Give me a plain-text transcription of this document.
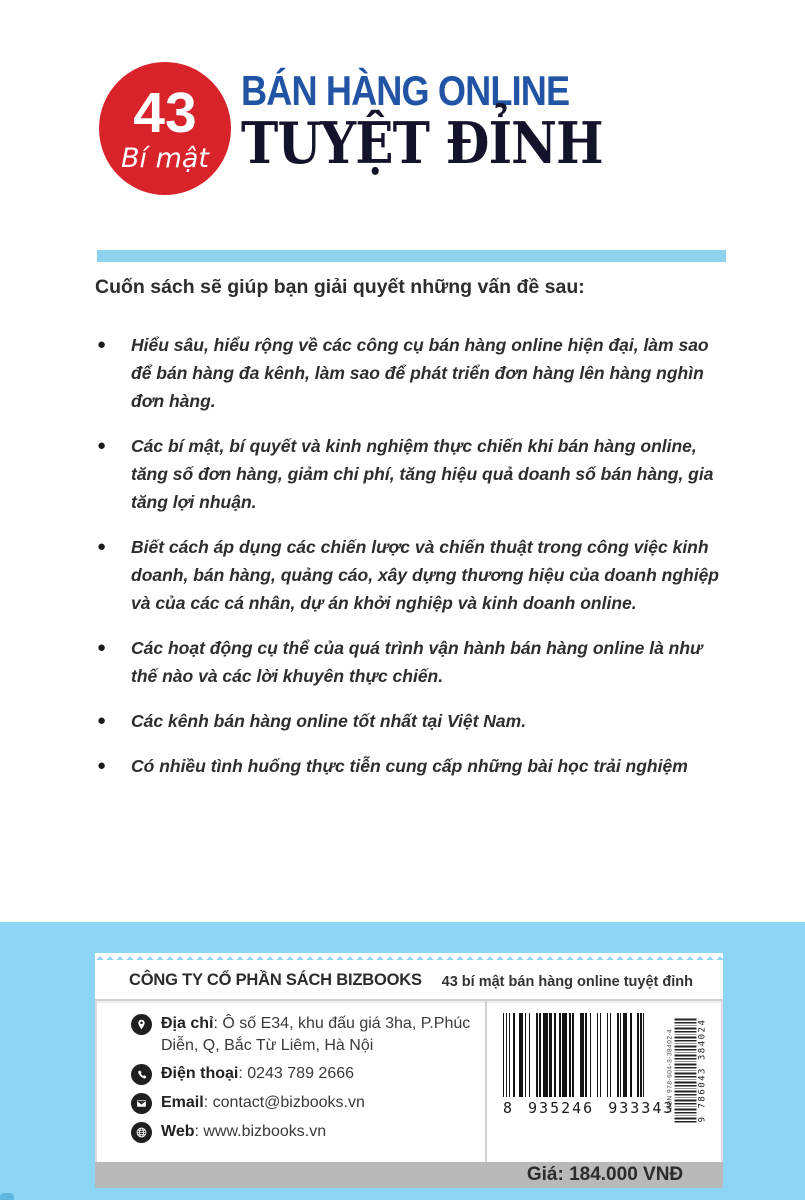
43
Bí mật
BÁN HÀNG ONLINE
TUYỆT ĐỈNH

Cuốn sách sẽ giúp bạn giải quyết những vấn đề sau:

● Hiểu sâu, hiểu rộng về các công cụ bán hàng online hiện đại, làm sao để bán hàng đa kênh, làm sao để phát triển đơn hàng lên hàng nghìn đơn hàng.
● Các bí mật, bí quyết và kinh nghiệm thực chiến khi bán hàng online, tăng số đơn hàng, giảm chi phí, tăng hiệu quả doanh số bán hàng, gia tăng lợi nhuận.
● Biết cách áp dụng các chiến lược và chiến thuật trong công việc kinh doanh, bán hàng, quảng cáo, xây dựng thương hiệu của doanh nghiệp và của các cá nhân, dự án khởi nghiệp và kinh doanh online.
● Các hoạt động cụ thể của quá trình vận hành bán hàng online là như thế nào và các lời khuyên thực chiến.
● Các kênh bán hàng online tốt nhất tại Việt Nam.
● Có nhiều tình huống thực tiễn cung cấp những bài học trải nghiệm
CÔNG TY CỔ PHẦN SÁCH BIZBOOKS 43 bí mật bán hàng online tuyệt đỉnh
Địa chỉ: Ô số E34, khu đấu giá 3ha, P.Phúc Diễn, Q, Bắc Từ Liêm, Hà Nội
Điện thoại: 0243 789 2666
Email: contact@bizbooks.vn
Web: www.bizbooks.vn
8 935246 933343
ISBN 978-604-3-38402-4	9 786043 384024
Giá: 184.000 VNĐ
